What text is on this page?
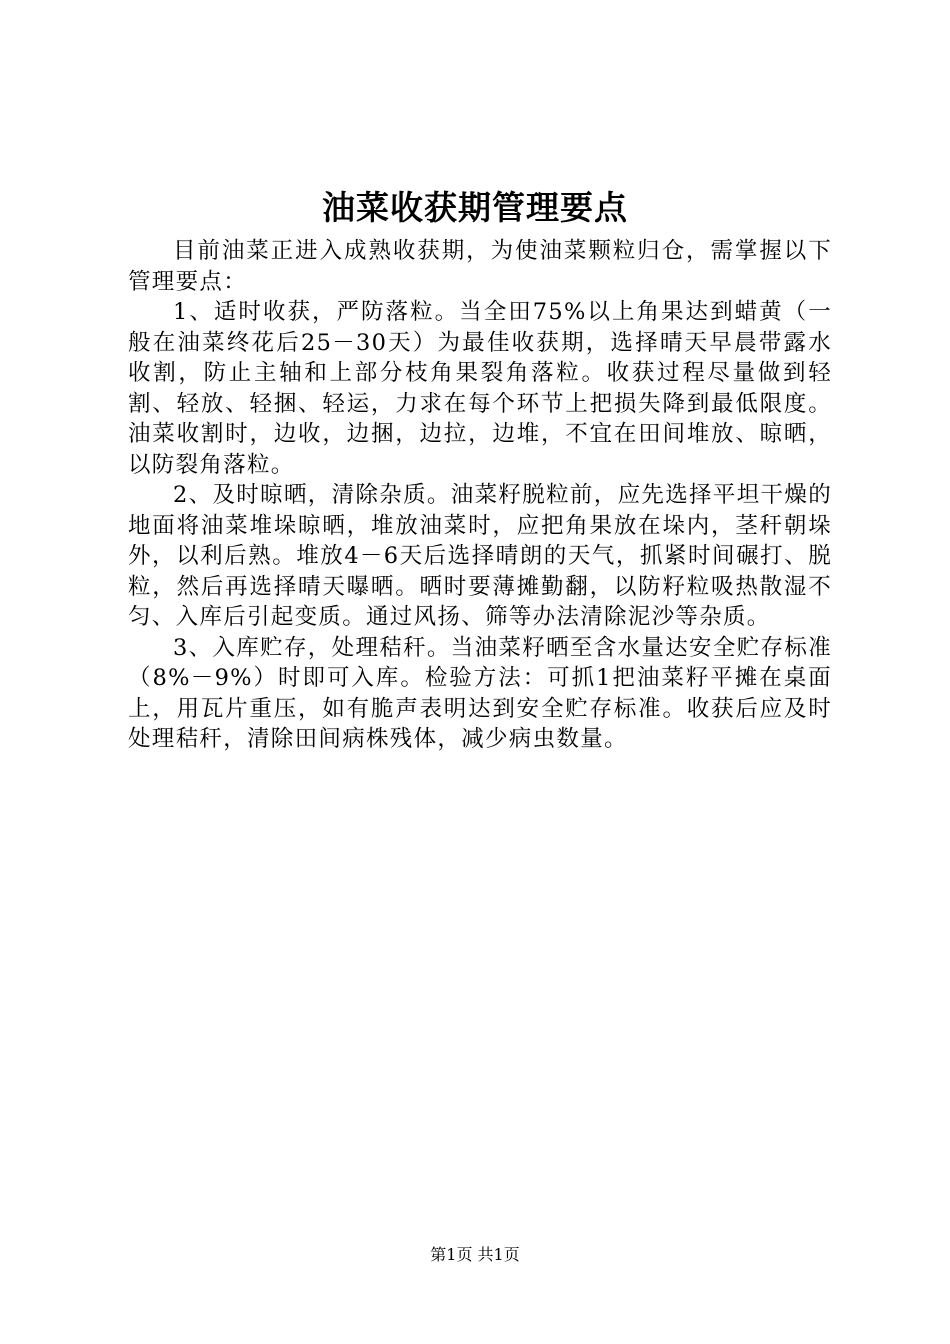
油菜收获期管理要点

目前油菜正进入成熟收获期，为使油菜颗粒归仓，需掌握以下管理要点：

1、适时收获，严防落粒。当全田75%以上角果达到蜡黄（一般在油菜终花后25－30天）为最佳收获期，选择晴天早晨带露水收割，防止主轴和上部分枝角果裂角落粒。收获过程尽量做到轻割、轻放、轻捆、轻运，力求在每个环节上把损失降到最低限度。油菜收割时，边收，边捆，边拉，边堆，不宜在田间堆放、晾晒，以防裂角落粒。

2、及时晾晒，清除杂质。油菜籽脱粒前，应先选择平坦干燥的地面将油菜堆垛晾晒，堆放油菜时，应把角果放在垛内，茎秆朝垛外，以利后熟。堆放4－6天后选择晴朗的天气，抓紧时间碾打、脱粒，然后再选择晴天曝晒。晒时要薄摊勤翻，以防籽粒吸热散湿不匀、入库后引起变质。通过风扬、筛等办法清除泥沙等杂质。

3、入库贮存，处理秸秆。当油菜籽晒至含水量达安全贮存标准（8%－9%）时即可入库。检验方法：可抓1把油菜籽平摊在桌面上，用瓦片重压，如有脆声表明达到安全贮存标准。收获后应及时处理秸秆，清除田间病株残体，减少病虫数量。

第1页 共1页
